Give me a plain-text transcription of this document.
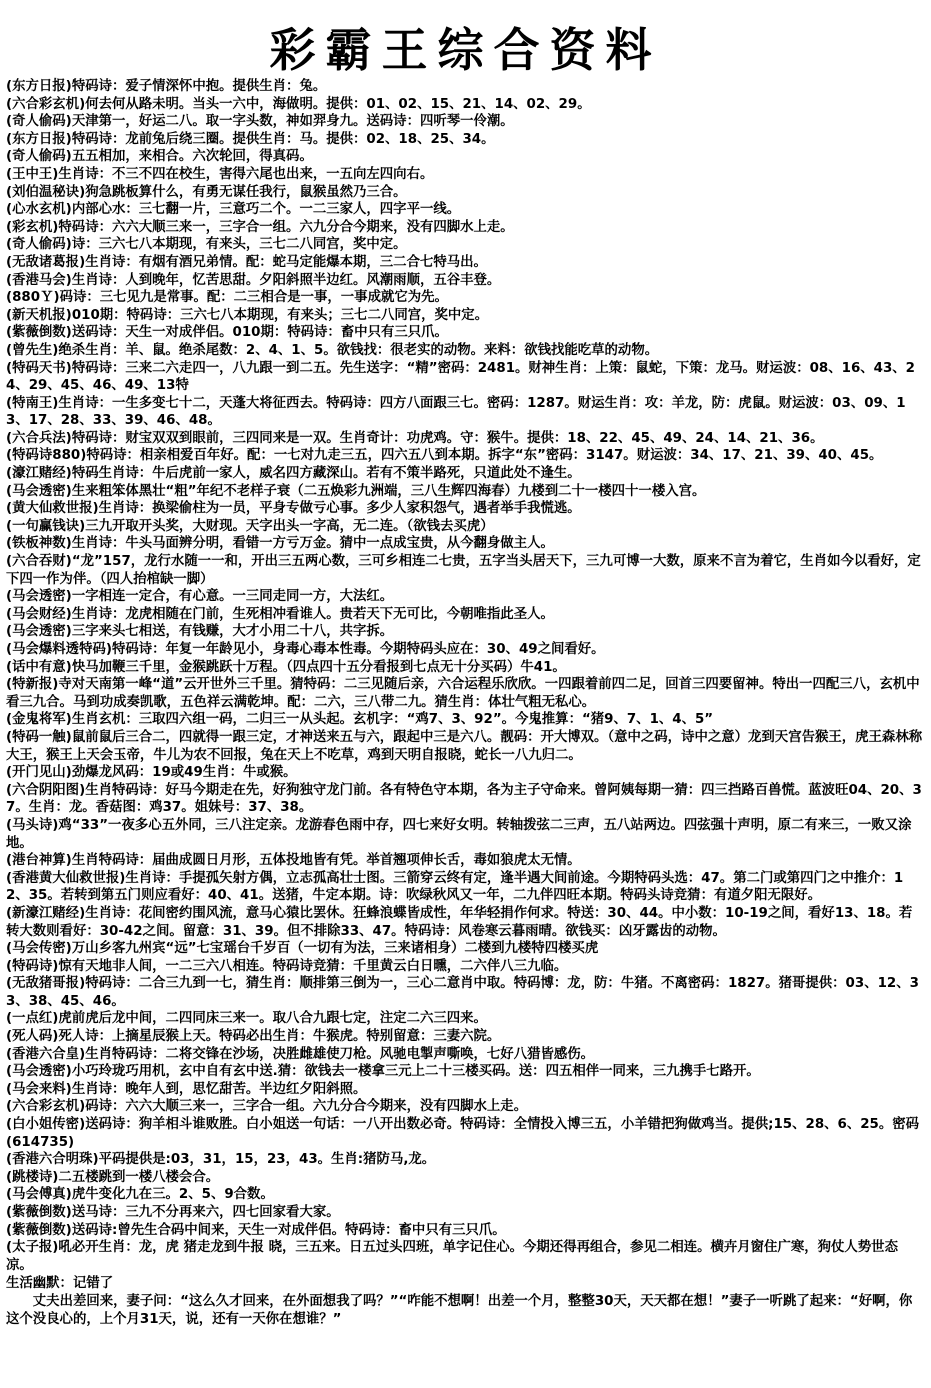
彩霸王综合资料
(东方日报)特码诗：爱子情深怀中抱。提供生肖：兔。
(六合彩玄机)何去何从路未明。当头一六中，海做明。提供：01、02、15、21、14、02、29。
(奇人偷码)天津第一，好运二八。取一字头数，神如羿身九。送码诗：四听琴一伶潮。
(东方日报)特码诗：龙前兔后绕三圈。提供生肖：马。提供：02、18、25、34。
(奇人偷码)五五相加，来相合。六次轮回，得真码。
(王中王)生肖诗：不三不四在校生，害得六尾也出来，一五向左四向右。
(刘伯温秘诀)狗急跳板算什么，有勇无谋任我行，鼠猴虽然乃三合。
(心水玄机)内部心水：三七翻一片，三意巧二个。一二三家人，四字平一线。
(彩玄机)特码诗：六六大顺三来一，三字合一组。六九分合今期来，没有四脚水上走。
(奇人偷码)诗：三六七八本期现，有来头，三七二八同宫，奖中定。
(无敌诸葛报)生肖诗：有烟有酒兄弟情。配：蛇马定能爆本期，三二合七特马出。
(香港马会)生肖诗：人到晚年，忆苦思甜。夕阳斜照半边红。风潮雨顺，五谷丰登。
(880Ｙ)码诗：三七见九是常事。配：二三相合是一事，一事成就它为先。
(新天机报)010期：特码诗：三六七八本期现，有来头；三七二八同宫，奖中定。
(紫薇倒数)送码诗：天生一对成伴侣。010期：特码诗：畜中只有三只爪。
(曾先生)绝杀生肖：羊、鼠。绝杀尾数：2、4、1、5。欲钱找：很老实的动物。来料：欲钱找能吃草的动物。
(特码天书)特码诗：三来二六走四一，八九跟一到二五。先生送字：“精”密码：2481。财神生肖：上策：鼠蛇，下策：龙马。财运波：08、16、43、24、29、45、46、49、13特
(特南王)生肖诗：一生多变七十二，天蓬大将征西去。特码诗：四方八面跟三七。密码：1287。财运生肖：攻：羊龙，防：虎鼠。财运波：03、09、13、17、28、33、39、46、48。
(六合兵法)特码诗：财宝双双到眼前，三四同来是一双。生肖奇计：功虎鸡。守：猴牛。提供：18、22、45、49、24、14、21、36。
(特码诗880)特码诗：相亲相爱百年好。配：一七对九走三五，四六五八到本期。拆字“东”密码：3147。财运波：34、17、21、39、40、45。
(濠江赌经)特码生肖诗：牛后虎前一家人，威名四方藏深山。若有不策半路死，只道此处不逢生。
(马会透密)生来粗笨体黑壮“粗”年纪不老样子衰（二五焕彩九洲端，三八生辉四海春）九楼到二十一楼四十一楼入宫。
(黄大仙救世报)生肖诗：换梁偷柱为一员，平身专做亏心事。多少人家积怨气，遇者举手我慌逃。
(一句赢钱诀)三九开取开头奖，大财现。天字出头一字高，无二连。（欲钱去买虎）
(铁板神数)生肖诗：牛头马面辨分明，看错一方亏万金。猜中一点成宝贵，从今翻身做主人。
(六合吞财)“龙”157，龙行水随一一和，开出三五两心数，三可乡相连二七贵，五字当头居天下，三九可博一大数，原来不言为着它，生肖如今以看好，定下四一作为伴。（四人抬棺缺一脚）
(马会透密)一字相连一定合，有心意。一三同走同一方，大法红。
(马会财经)生肖诗：龙虎相随在门前，生死相冲看谁人。贵若天下无可比，今朝唯指此圣人。
(马会透密)三字来头七相送，有钱赚，大才小用二十八，共字拆。
(马会爆料透特码)特码诗：年复一年龄见小，身毒心毒本性毒。今期特码头应在：30、49之间看好。
(话中有意)快马加鞭三千里，金猴跳跃十万程。（四点四十五分看报到七点无十分买码）牛41。
(特新报)寺对天南第一峰“道”云开世外三千里。猜特码：二三见随后亲，六合运程乐欣欣。一四跟着前四二足，回首三四要留神。特出一四配三八，玄机中看三九合。马到功成奏凯歌，五色祥云满乾坤。配：二六，三八带二九。猜生肖：体壮气粗无私心。
(金鬼将军)生肖玄机：三取四六组一码，二归三一从头起。玄机字：“鸡7、3、92”。今鬼推算：“猪9、7、1、4、5”
(特码一触)鼠前鼠后三合二，四就得一跟三定，才神送来五与六，跟起中三是六八。靓码：开大博双。（意中之码，诗中之意）龙到天宫告猴王，虎王森林称大王，猴王上天会玉帝，牛儿为农不回报，兔在天上不吃草，鸡到天明自报晓，蛇长一八九归二。
(开门见山)劲爆龙风码：19或49生肖：牛或猴。
(六合阴阳图)生肖特码诗：好马今期走在先，好狗独守龙门前。各有特色守本期，各为主子守命来。曾阿姨每期一猜：四三挡路百兽慌。蓝波旺04、20、37。生肖：龙。香菇图：鸡37。姐妹号：37、38。
(马头诗)鸡“33”一夜多心五外同，三八注定亲。龙游春色雨中存，四七来好女明。转轴拨弦二三声，五八站两边。四弦强十声明，原二有来三，一败又涂地。
(港台神算)生肖特码诗：届曲成圆日月形，五体投地皆有凭。举首翘项伸长舌，毒如狼虎太无情。
(香港黄大仙救世报)生肖诗：手提孤矢射方偶，立志孤高壮士图。三箭穿云终有定，逢半遇大间前途。今期特码头选：47。第二门或第四门之中推介：12、35。若转到第五门则应看好：40、41。送猪，牛定本期。诗：吹绿秋风又一年，二九伴四旺本期。特码头诗竞猜：有道夕阳无限好。
(新濠江赌经)生肖诗：花间密约围风流，意马心猿比罢休。狂蜂浪蝶皆成性，年华轻捐作何求。特送：30、44。中小数：10-19之间，看好13、18。若转大数则看好：30-42之间。留意：31、39。但不排除33、47。特码诗：风卷寒云暮雨晴。欲钱买：凶牙露齿的动物。
(马会传密)万山乡客九州宾“远”七宝瑶台千岁百（一切有为法，三来诸相身）二楼到九楼特四楼买虎
(特码诗)惊有天地非人间，一二三六八相连。特码诗竞猜：千里黄云白日曛，二六伴八三九临。
(无敌猪哥报)特码诗：二合三九到一七，猜生肖：顺排第三倒为一，三心二意肖中取。特码博：龙，防：牛猪。不离密码：1827。猪哥提供：03、12、33、38、45、46。
(一点红)虎前虎后龙中间，二四同床三来一。取八合九跟七定，注定二六三四来。
(死人码)死人诗：上摘星辰猴上天。特码必出生肖：牛猴虎。特别留意：三妻六院。
(香港六合皇)生肖特码诗：二将交锋在沙场，决胜雌雄使刀枪。风驰电掣声嘶唤，七好八猎皆感伤。
(马会透密)小巧玲珑巧用机，玄中自有玄中送.猜：欲钱去一楼拿三元上二十三楼买码。送：四五相伴一同来，三九携手七路开。
(马会来料)生肖诗：晚年人到，思忆甜苦。半边红夕阳斜照。
(六合彩玄机)码诗：六六大顺三来一，三字合一组。六九分合今期来，没有四脚水上走。
(白小姐传密)送码诗：狗羊相斗谁败胜。白小姐送一句话：一八开出数必奇。特码诗：全情投入博三五，小羊错把狗做鸡当。提供;15、28、6、25。密码(614735)
(香港六合明珠)平码提供是:03，31，15，23，43。生肖:猪防马,龙。
(跳楼诗)二五楼跳到一楼八楼会合。
(马会傅真)虎牛变化九在三。2、5、9合数。
(紫薇倒数)送马诗：三九不分再来六，四七回家看大家。
(紫薇倒数)送码诗:曾先生合码中间来，天生一对成伴侣。特码诗：畜中只有三只爪。
(太子报)吼必开生肖：龙，虎 猪走龙到牛报 晓，三五来。日五过头四班，单字记住心。今期还得再组合，参见二相连。横卉月窗住广寒，狗仗人势世态凉。
生活幽默：记错了
丈夫出差回来，妻子问：“这么久才回来，在外面想我了吗？”“咋能不想啊！出差一个月，整整30天，天天都在想！”妻子一听跳了起来：“好啊，你这个没良心的，上个月31天，说，还有一天你在想谁？”
